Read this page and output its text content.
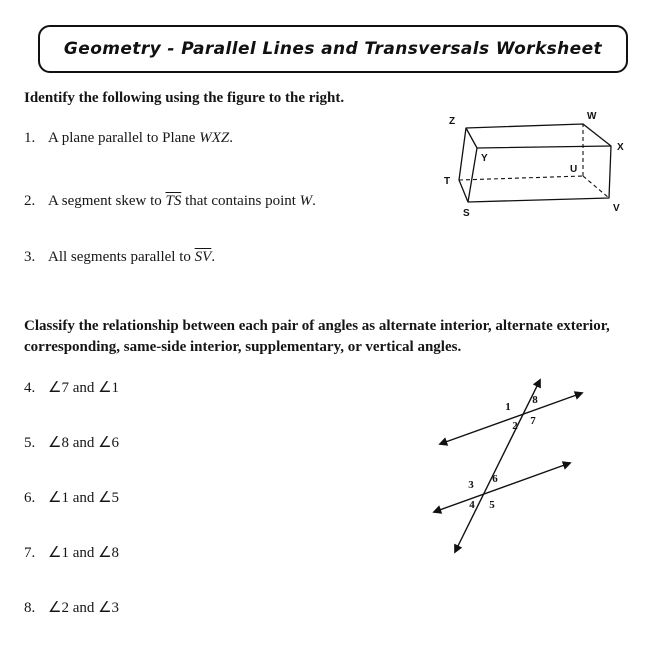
Geometry - Parallel Lines and Transversals Worksheet
Identify the following using the figure to the right.
1. A plane parallel to Plane WXZ.
2. A segment skew to $\overline{TS}$ that contains point W.
3. All segments parallel to $\overline{SV}$.
Z	W
X
Y
T
U
S	V
Classify the relationship between each pair of angles as alternate interior, alternate exterior, corresponding, same-side interior, supplementary, or vertical angles.
4. ∠7 and ∠1
5. ∠8 and ∠6
6. ∠1 and ∠5
7. ∠1 and ∠8
8. ∠2 and ∠3
1
8
2 7
3 6
4 5
